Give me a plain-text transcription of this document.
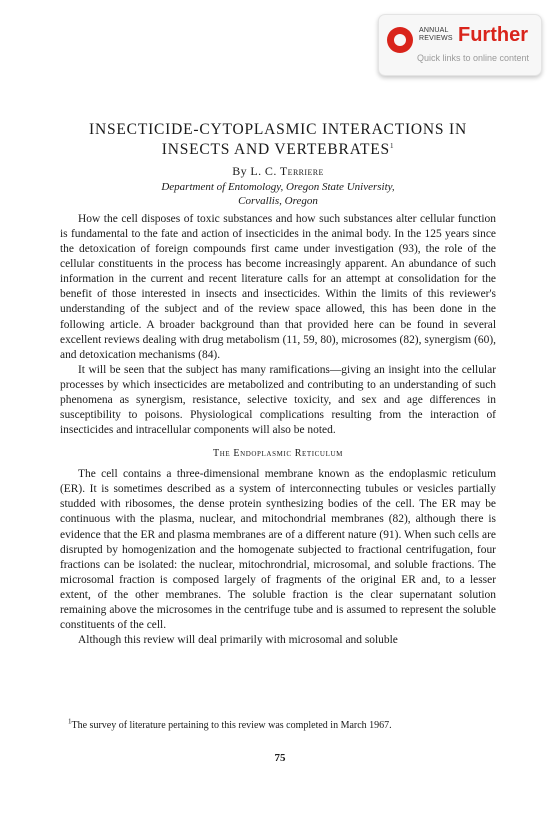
ANNUAL
REVIEWS Further
Quick links to online content
INSECTICIDE-CYTOPLASMIC INTERACTIONS IN
INSECTS AND VERTEBRATES$^1$
By L. C. Terriere
Department of Entomology, Oregon State University,
Corvallis, Oregon

How the cell disposes of toxic substances and how such substances alter cellular function is fundamental to the fate and action of insecticides in the animal body. In the 125 years since the detoxication of foreign compounds first came under investigation (93), the role of the cellular constituents in the process has become increasingly apparent. An abundance of such information in the current and recent literature calls for an attempt at consolidation for the benefit of those interested in insects and insecticides. Within the limits of this reviewer's understanding of the subject and of the review space allowed, this has been done in the following article. A broader background than that provided here can be found in several excellent reviews dealing with drug metabolism (11, 59, 80), microsomes (82), synergism (60), and detoxication mechanisms (84).

It will be seen that the subject has many ramifications—giving an insight into the cellular processes by which insecticides are metabolized and contributing to an understanding of such phenomena as synergism, resistance, selective toxicity, and sex and age differences in susceptibility to poisons. Physiological complications resulting from the interaction of insecticides and intracellular components will also be noted.

The Endoplasmic Reticulum

The cell contains a three-dimensional membrane known as the endoplasmic reticulum (ER). It is sometimes described as a system of interconnecting tubules or vesicles partially studded with ribosomes, the dense protein synthesizing bodies of the cell. The ER may be continuous with the plasma, nuclear, and mitochondrial membranes (82), although there is evidence that the ER and plasma membranes are of a different nature (91). When such cells are disrupted by homogenization and the homogenate subjected to fractional centrifugation, four fractions can be isolated: the nuclear, mitochrondrial, microsomal, and soluble fractions. The microsomal fraction is composed largely of fragments of the original ER and, to a lesser extent, of the other membranes. The soluble fraction is the clear supernatant solution remaining above the microsomes in the centrifuge tube and is assumed to represent the soluble constituents of the cell.

Although this review will deal primarily with microsomal and soluble

$^1$The survey of literature pertaining to this review was completed in March 1967.

75
